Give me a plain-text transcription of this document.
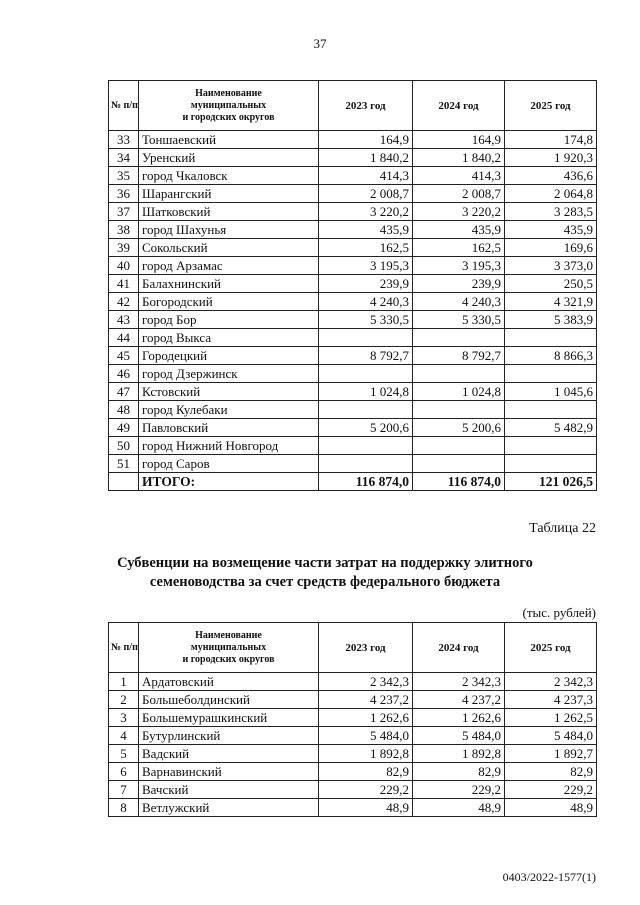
37
№ п/п	Наименование
муниципальных
и городских округов	2023 год	2024 год	2025 год
33	Тоншаевский	164,9	164,9	174,8
34	Уренский	1 840,2	1 840,2	1 920,3
35	город Чкаловск	414,3	414,3	436,6
36	Шарангский	2 008,7	2 008,7	2 064,8
37	Шатковский	3 220,2	3 220,2	3 283,5
38	город Шахунья	435,9	435,9	435,9
39	Сокольский	162,5	162,5	169,6
40	город Арзамас	3 195,3	3 195,3	3 373,0
41	Балахнинский	239,9	239,9	250,5
42	Богородский	4 240,3	4 240,3	4 321,9
43	город Бор	5 330,5	5 330,5	5 383,9
44	город Выкса			
45	Городецкий	8 792,7	8 792,7	8 866,3
46	город Дзержинск			
47	Кстовский	1 024,8	1 024,8	1 045,6
48	город Кулебаки			
49	Павловский	5 200,6	5 200,6	5 482,9
50	город Нижний Новгород			
51	город Саров			
	ИТОГО:	116 874,0	116 874,0	121 026,5
Таблица 22
Субвенции на возмещение части затрат на поддержку элитного
семеноводства за счет средств федерального бюджета
(тыс. рублей)
№ п/п	Наименование
муниципальных
и городских округов	2023 год	2024 год	2025 год
1	Ардатовский	2 342,3	2 342,3	2 342,3
2	Большеболдинский	4 237,2	4 237,2	4 237,3
3	Большемурашкинский	1 262,6	1 262,6	1 262,5
4	Бутурлинский	5 484,0	5 484,0	5 484,0
5	Вадский	1 892,8	1 892,8	1 892,7
6	Варнавинский	82,9	82,9	82,9
7	Вачский	229,2	229,2	229,2
8	Ветлужский	48,9	48,9	48,9
0403/2022-1577(1)
